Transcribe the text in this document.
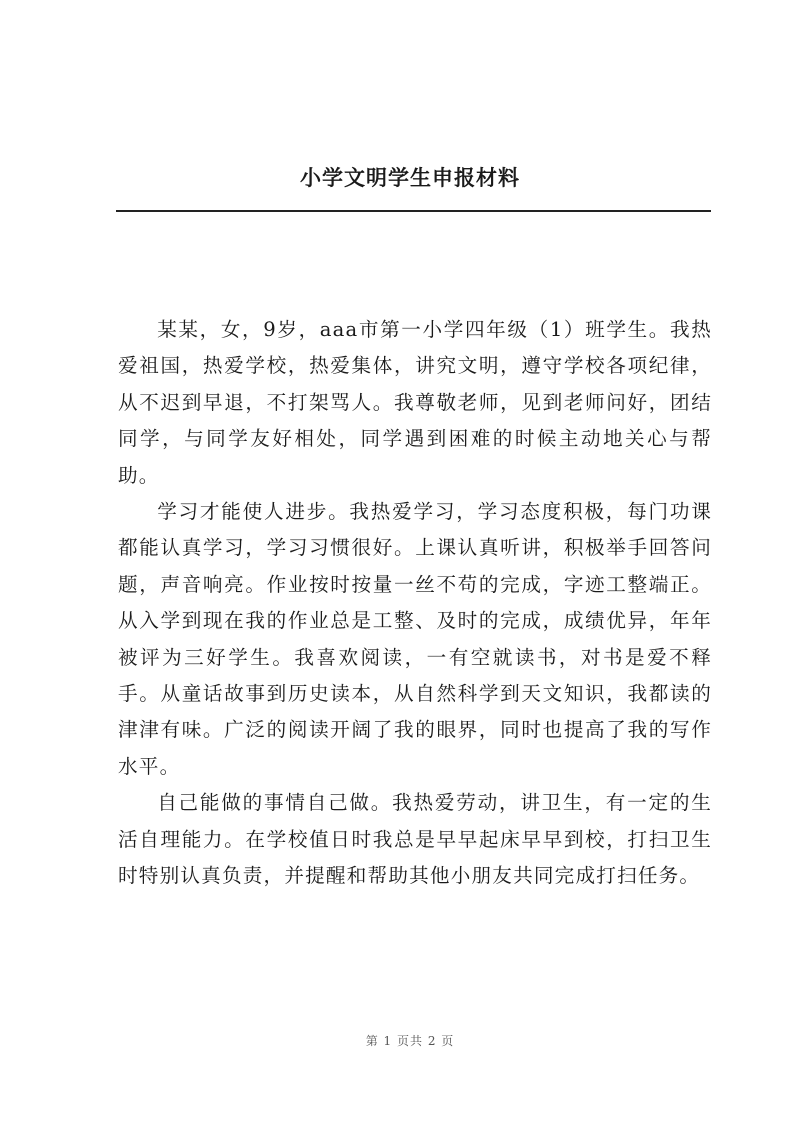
小学文明学生申报材料

某某，女，9岁，aaa市第一小学四年级（1）班学生。我热爱祖国，热爱学校，热爱集体，讲究文明，遵守学校各项纪律，从不迟到早退，不打架骂人。我尊敬老师，见到老师问好，团结同学，与同学友好相处，同学遇到困难的时候主动地关心与帮助。

学习才能使人进步。我热爱学习，学习态度积极，每门功课都能认真学习，学习习惯很好。上课认真听讲，积极举手回答问题，声音响亮。作业按时按量一丝不苟的完成，字迹工整端正。从入学到现在我的作业总是工整、及时的完成，成绩优异，年年被评为三好学生。我喜欢阅读，一有空就读书，对书是爱不释手。从童话故事到历史读本，从自然科学到天文知识，我都读的津津有味。广泛的阅读开阔了我的眼界，同时也提高了我的写作水平。

自己能做的事情自己做。我热爱劳动，讲卫生，有一定的生活自理能力。在学校值日时我总是早早起床早早到校，打扫卫生时特别认真负责，并提醒和帮助其他小朋友共同完成打扫任务。

第 1 页共 2 页
